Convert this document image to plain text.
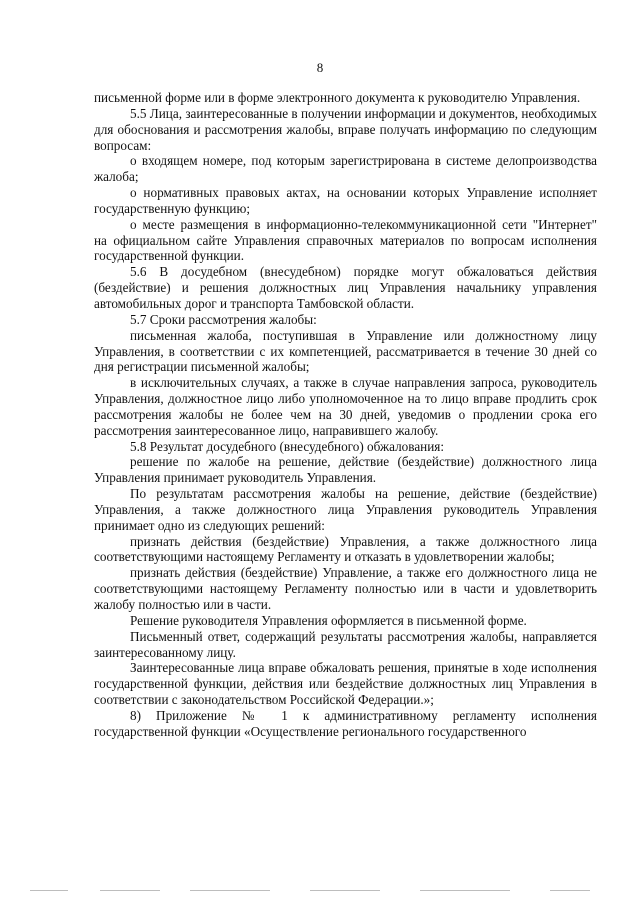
8

письменной форме или в форме электронного документа к руководителю Управления.

5.5 Лица, заинтересованные в получении информации и документов, необходимых для обоснования и рассмотрения жалобы, вправе получать информацию по следующим вопросам:

о входящем номере, под которым зарегистрирована в системе делопроизводства жалоба;

о нормативных правовых актах, на основании которых Управление исполняет государственную функцию;

о месте размещения в информационно-телекоммуникационной сети "Интернет" на официальном сайте Управления справочных материалов по вопросам исполнения государственной функции.

5.6 В досудебном (внесудебном) порядке могут обжаловаться действия (бездействие) и решения должностных лиц Управления начальнику управления автомобильных дорог и транспорта Тамбовской области.

5.7 Сроки рассмотрения жалобы:

письменная жалоба, поступившая в Управление или должностному лицу Управления, в соответствии с их компетенцией, рассматривается в течение 30 дней со дня регистрации письменной жалобы;

в исключительных случаях, а также в случае направления запроса, руководитель Управления, должностное лицо либо уполномоченное на то лицо вправе продлить срок рассмотрения жалобы не более чем на 30 дней, уведомив о продлении срока его рассмотрения заинтересованное лицо, направившего жалобу.

5.8 Результат досудебного (внесудебного) обжалования:

решение по жалобе на решение, действие (бездействие) должностного лица Управления принимает руководитель Управления.

По результатам рассмотрения жалобы на решение, действие (бездействие) Управления, а также должностного лица Управления руководитель Управления принимает одно из следующих решений:

признать действия (бездействие) Управления, а также должностного лица соответствующими настоящему Регламенту и отказать в удовлетворении жалобы;

признать действия (бездействие) Управление, а также его должностного лица не соответствующими настоящему Регламенту полностью или в части и удовлетворить жалобу полностью или в части.

Решение руководителя Управления оформляется в письменной форме.

Письменный ответ, содержащий результаты рассмотрения жалобы, направляется заинтересованному лицу.

Заинтересованные лица вправе обжаловать решения, принятые в ходе исполнения государственной функции, действия или бездействие должностных лиц Управления в соответствии с законодательством Российской Федерации.»;

8) Приложение № 1 к административному регламенту исполнения государственной функции «Осуществление регионального государственного
